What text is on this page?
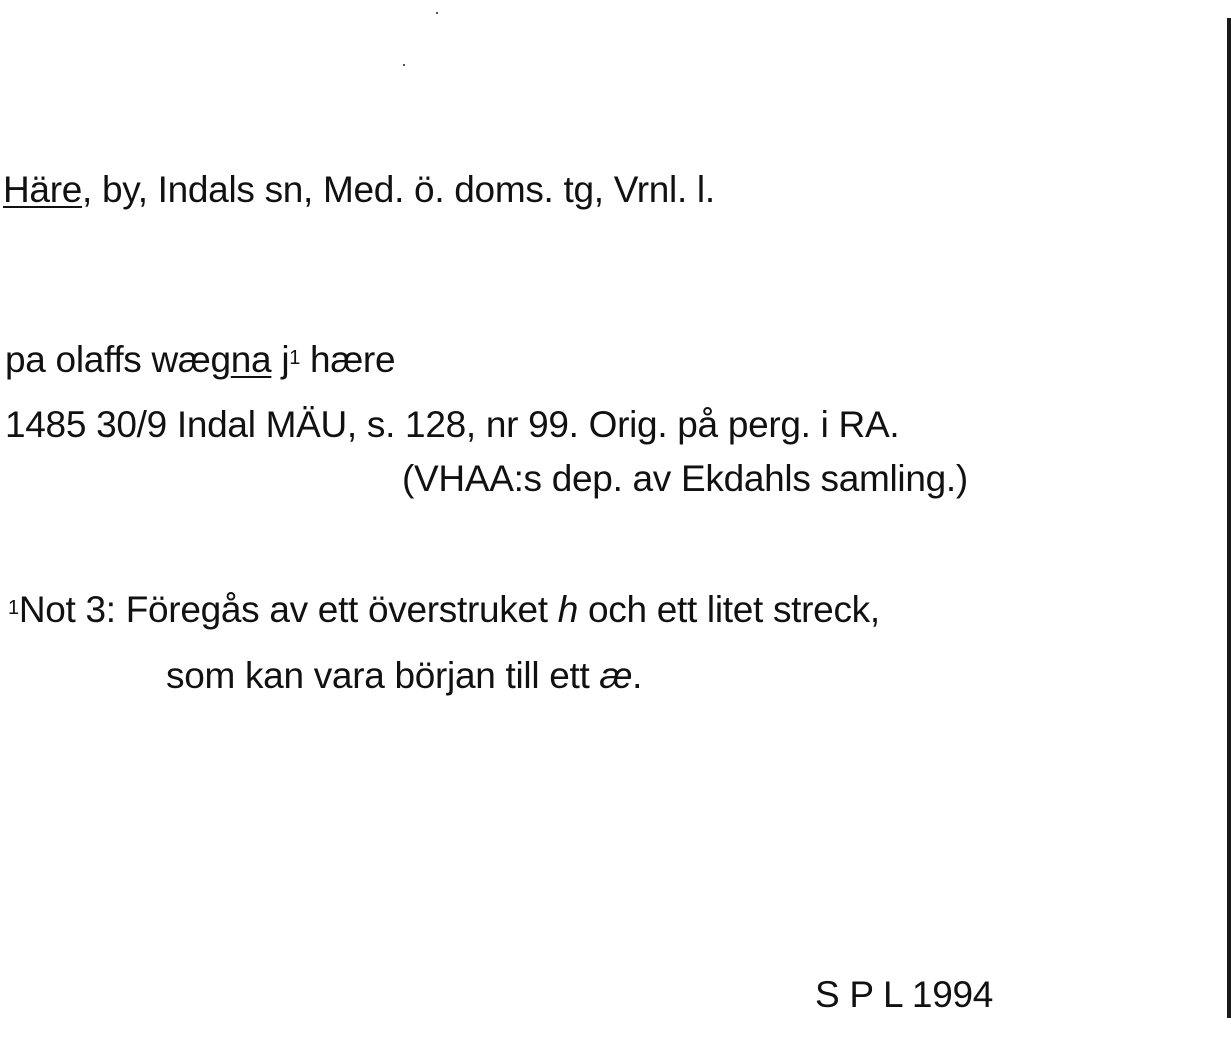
Häre, by, Indals sn, Med. ö. doms. tg, Vrnl. l.
pa olaffs wægna $j^1$ hære
1485 30/9 Indal MÄU, s. 128, nr 99. Orig. på perg. i RA.
(VHAA:s dep. av Ekdahls samling.)
$^1$Not 3: Föregås av ett överstruket h och ett litet streck,
som kan vara början till ett æ.
S P L 1994
